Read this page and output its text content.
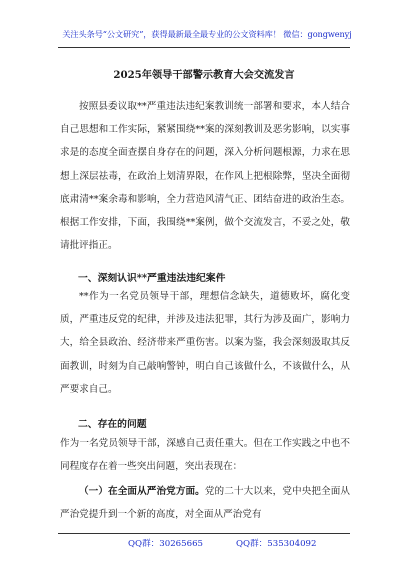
关注头条号“公文研究”，获得最新最全最专业的公文资料库！ 微信：gongwenyj
2025年领导干部警示教育大会交流发言

按照县委议取**严重违法违纪案教训统一部署和要求，本人结合自己思想和工作实际，紧紧围绕**案的深刻教训及恶劣影响，以实事求是的态度全面查摆自身存在的问题，深入分析问题根源，力求在思想上深层祛毒，在政治上划清界限，在作风上把根除弊，坚决全面彻底肃清**案余毒和影响，全力营造风清气正、团结奋进的政治生态。根据工作安排，下面，我围绕**案例，做个交流发言，不妥之处，敬请批评指正。

一、深刻认识**严重违法违纪案件

**作为一名党员领导干部，理想信念缺失，道德败坏，腐化变质，严重违反党的纪律，并涉及违法犯罪，其行为涉及面广，影响力大，给全县政治、经济带来严重伤害。以案为鉴，我会深刻汲取其反面教训，时刻为自己敲响警钟，明白自己该做什么，不该做什么，从严要求自己。

二、存在的问题

作为一名党员领导干部，深感自己责任重大。但在工作实践之中也不同程度存在着一些突出问题，突出表现在：

（一）在全面从严治党方面。党的二十大以来，党中央把全面从严治党提升到一个新的高度，对全面从严治党有

QQ群：30265665	QQ群：535304092
